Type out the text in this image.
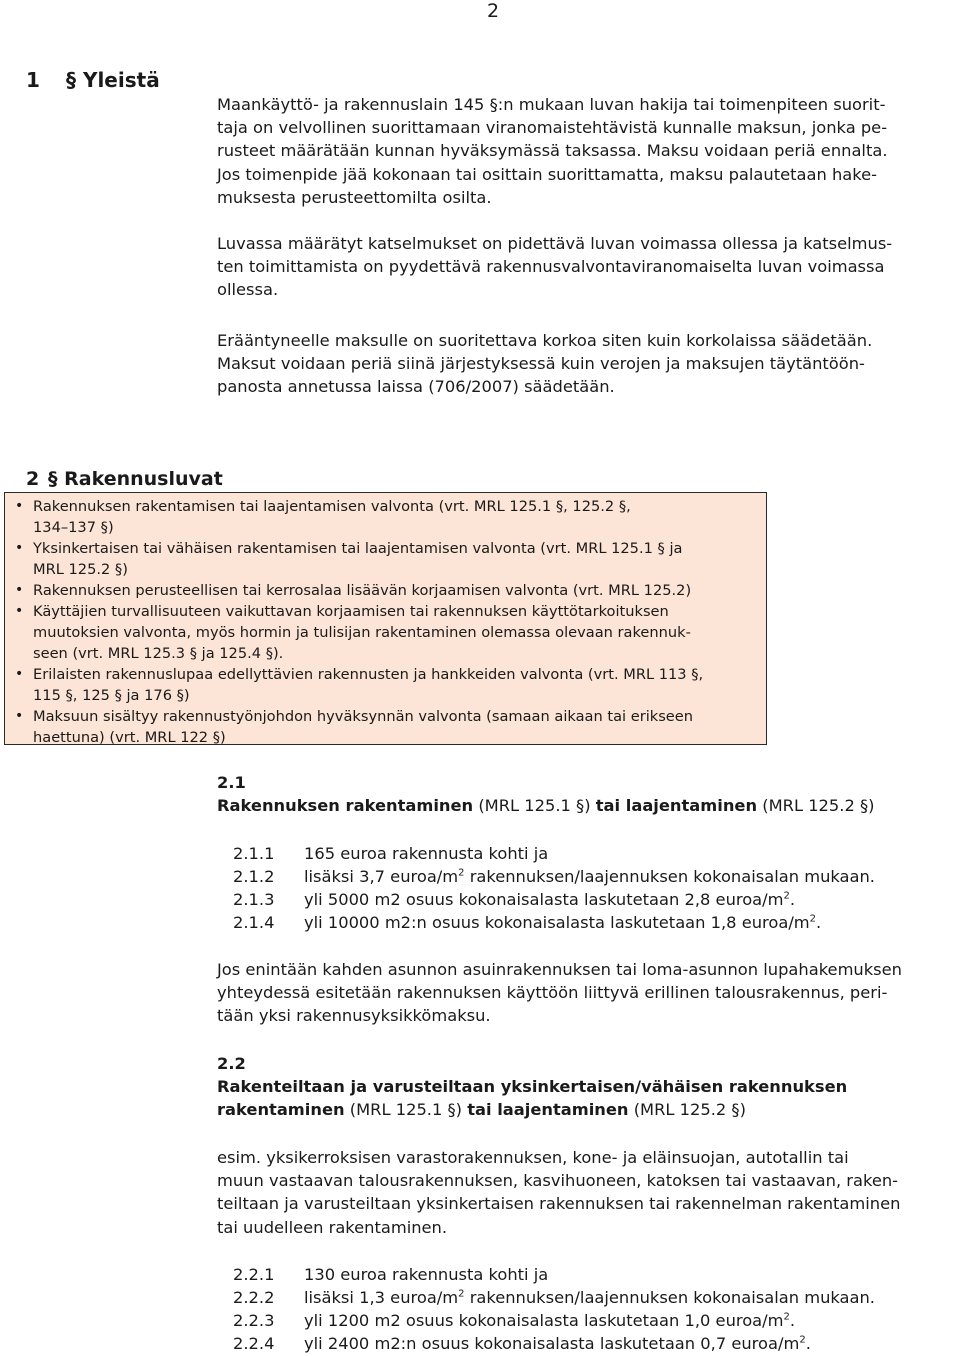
2
1 § Yleistä

Maankäyttö- ja rakennuslain 145 §:n mukaan luvan hakija tai toimenpiteen suorit-

taja on velvollinen suorittamaan viranomaistehtävistä kunnalle maksun, jonka pe-

rusteet määrätään kunnan hyväksymässä taksassa. Maksu voidaan periä ennalta.

Jos toimenpide jää kokonaan tai osittain suorittamatta, maksu palautetaan hake-

muksesta perusteettomilta osilta.

Luvassa määrätyt katselmukset on pidettävä luvan voimassa ollessa ja katselmus-

ten toimittamista on pyydettävä rakennusvalvontaviranomaiselta luvan voimassa

ollessa.

Erääntyneelle maksulle on suoritettava korkoa siten kuin korkolaissa säädetään.

Maksut voidaan periä siinä järjestyksessä kuin verojen ja maksujen täytäntöön-

panosta annetussa laissa (706/2007) säädetään.

2 § Rakennusluvat
• Rakennuksen rakentamisen tai laajentamisen valvonta (vrt. MRL 125.1 §, 125.2 §,
134–137 §)
• Yksinkertaisen tai vähäisen rakentamisen tai laajentamisen valvonta (vrt. MRL 125.1 § ja
MRL 125.2 §)
• Rakennuksen perusteellisen tai kerrosalaa lisäävän korjaamisen valvonta (vrt. MRL 125.2)
• Käyttäjien turvallisuuteen vaikuttavan korjaamisen tai rakennuksen käyttötarkoituksen
muutoksien valvonta, myös hormin ja tulisijan rakentaminen olemassa olevaan rakennuk-
seen (vrt. MRL 125.3 § ja 125.4 §).
• Erilaisten rakennuslupaa edellyttävien rakennusten ja hankkeiden valvonta (vrt. MRL 113 §,
115 §, 125 § ja 176 §)
• Maksuun sisältyy rakennustyönjohdon hyväksynnän valvonta (samaan aikaan tai erikseen
haettuna) (vrt. MRL 122 §)
2.1
Rakennuksen rakentaminen (MRL 125.1 §) tai laajentaminen (MRL 125.2 §)
2.1.1	165 euroa rakennusta kohti ja
2.1.2	lisäksi 3,7 euroa/$m^2$ rakennuksen/laajennuksen kokonaisalan mukaan.
2.1.3	yli 5000 m2 osuus kokonaisalasta laskutetaan 2,8 euroa/$m^2$.
2.1.4	yli 10000 m2:n osuus kokonaisalasta laskutetaan 1,8 euroa/$m^2$.

Jos enintään kahden asunnon asuinrakennuksen tai loma-asunnon lupahakemuksen

yhteydessä esitetään rakennuksen käyttöön liittyvä erillinen talousrakennus, peri-

tään yksi rakennusyksikkömaksu.

2.2
Rakenteiltaan ja varusteiltaan yksinkertaisen/vähäisen rakennuksen
rakentaminen (MRL 125.1 §) tai laajentaminen (MRL 125.2 §)

esim. yksikerroksisen varastorakennuksen, kone- ja eläinsuojan, autotallin tai

muun vastaavan talousrakennuksen, kasvihuoneen, katoksen tai vastaavan, raken-

teiltaan ja varusteiltaan yksinkertaisen rakennuksen tai rakennelman rakentaminen

tai uudelleen rakentaminen.

2.2.1	130 euroa rakennusta kohti ja
2.2.2	lisäksi 1,3 euroa/$m^2$ rakennuksen/laajennuksen kokonaisalan mukaan.
2.2.3	yli 1200 m2 osuus kokonaisalasta laskutetaan 1,0 euroa/$m^2$.
2.2.4	yli 2400 m2:n osuus kokonaisalasta laskutetaan 0,7 euroa/$m^2$.
